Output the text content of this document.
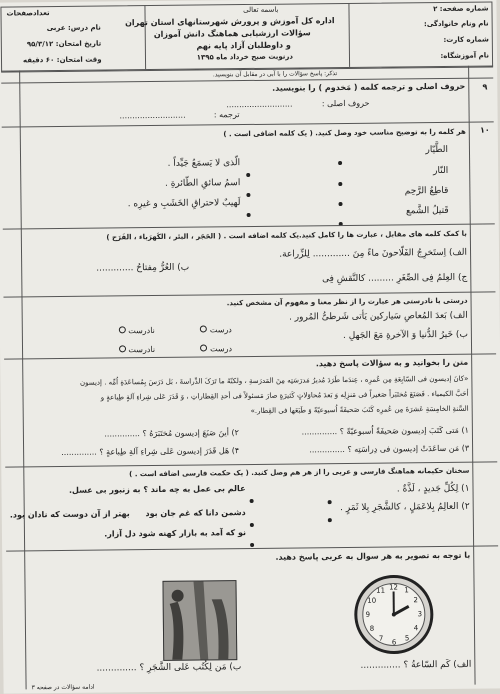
شماره صفحه: ۲
نام ونام خانوادگی:
شماره کارت:
نام آموزشگاه:
باسمه تعالی
اداره کل آموزش و پرورش شهرستانهای استان تهران
سؤالات ارزشیابی هماهنگ دانش آموزان
و داوطلبان آزاد پایه نهم
درنوبت صبح خرداد ماه ۱۳۹۵
تعدادصفحات
نام درس: عربی
تاریخ امتحان: ۹۵/۳/۱۲
وقت امتحان: ۶۰ دقیقه
تذکر: پاسخ سؤالات را با آبی در مقابل آن بنویسید.
۹
حروف اصلی و ترجمه کلمه ( مَخدوم ) را بنویسید.
حروف اصلی :
ترجمه :
..........................
..........................
۱۰
هر کلمه را به توضیح مناسب خود وصل کنید. ( یک کلمه اضافی است . )
الطَّیّار
النّار
قاطِعُ الرَّحِم
قَتیلُ الشَّمع
الّذی لا یَسمَعُ جَیِّداً .
اسمُ سائقِ الطّائرةِ .
لَهیبٌ لاحتراقِ الخَشَبِ و غیرِه .
با کمک کلمه های مقابل ، عبارت ها را کامل کنید.یک کلمه اضافه است . ( الحَجَر ، البئر ، الکَهرَباء ، الفَرَح )
الف) اِستَخرِجُ الفَلّاحونَ ماءً مِنَ ............. لِلزِّراعة.
ب) العُرُّ مِفتاحُ .............
ج) العِلمُ فِی الصِّغَرِ ......... کالنَّقشِ فِی
درستی یا نادرستی هر عبارت را از نظر معنا و مفهوم آن مشخص کنید.
الف) بَعدَ المُعاصِ سَیارکین یَأتی شَرطیُّ المُرور .
ب) خَیرُ الدُّنیا وَ الآخرةِ مَعَ الجَهلِ .
درست
نادرست
درست
نادرست
متن را بخوانید و به سؤالات پاسخ دهید.
«کانَ إدیسون فی السّابِعَةِ مِن عُمرِه ، عِندَما طَرَدَ مُدیرُ مَدرَسَتِه مِنَ المَدرَسةِ ، ولکنّهُ ما تَرَکَ الدِّراسةَ ، بَل دَرَسَ بِمُساعَدَةِ اُمِّه . إدیسون
أحَبَّ الکیمیاء . فَصَنَعَ مُختَبَراً صَغیراً فی مَنزِلِه وَ بَعدَ مُحاوَلاتٍ کَثیرَةٍ صارَ مَسئولاً فی أحدِ القِطاراتِ ، وَ قَدَرَ عَلی شِراءِ آلةٍ طِباعةٍ و
السَّنةِ الخامِسَةِ عَشرَةَ مِن عُمرِه کَتَبَ صَحیفَةً اُسبوعیّةً وَ طَبَعَها فی القِطار.»
۱) مَتی کَتَبَ إدیسون صَحیفَةً اُسبوعیّةً ؟ ..............
۲) أینَ صَنَعَ إدیسون مُختَبَرَهُ ؟ ..............
۳) مَن ساعَدَتْ إدیسون فی دِراسَتِه ؟ ..............
۴) هَل قَدَرَ إدیسون عَلی شِراءِ آلةِ طِباعةٍ ؟ ..............
سخنان حکیمانه هماهنگ فارسی و عربی را از هر هم وصل کنید. ( یک حکمت فارسی اضافه است . )
۱) لِکُلِّ جَدیدٍ ، لَذَّةٌ .
۲) العالِمُ بِلاعَمَلٍ ، کالشَّجَرِ بِلا ثَمَرٍ .
عالم بی عمل به چه ماند ؟ به زنبور بی عسل.
دشمن دانا که غم جان بود
بهتر از آن دوست که نادان بود.
نو که آمد به بازار کهنه شود دل آزار.
با توجه به تصویر به هر سوال به عربی پاسخ دهید.
12 1
2
3
4
5
6
7
8
9
10
11
الف) کَم السّاعةُ ؟ ..............
ب) مَن لِکُتُب عَلی الشَّجَرِ ؟ ..............
ادامه سؤالات در صفحه ۳
